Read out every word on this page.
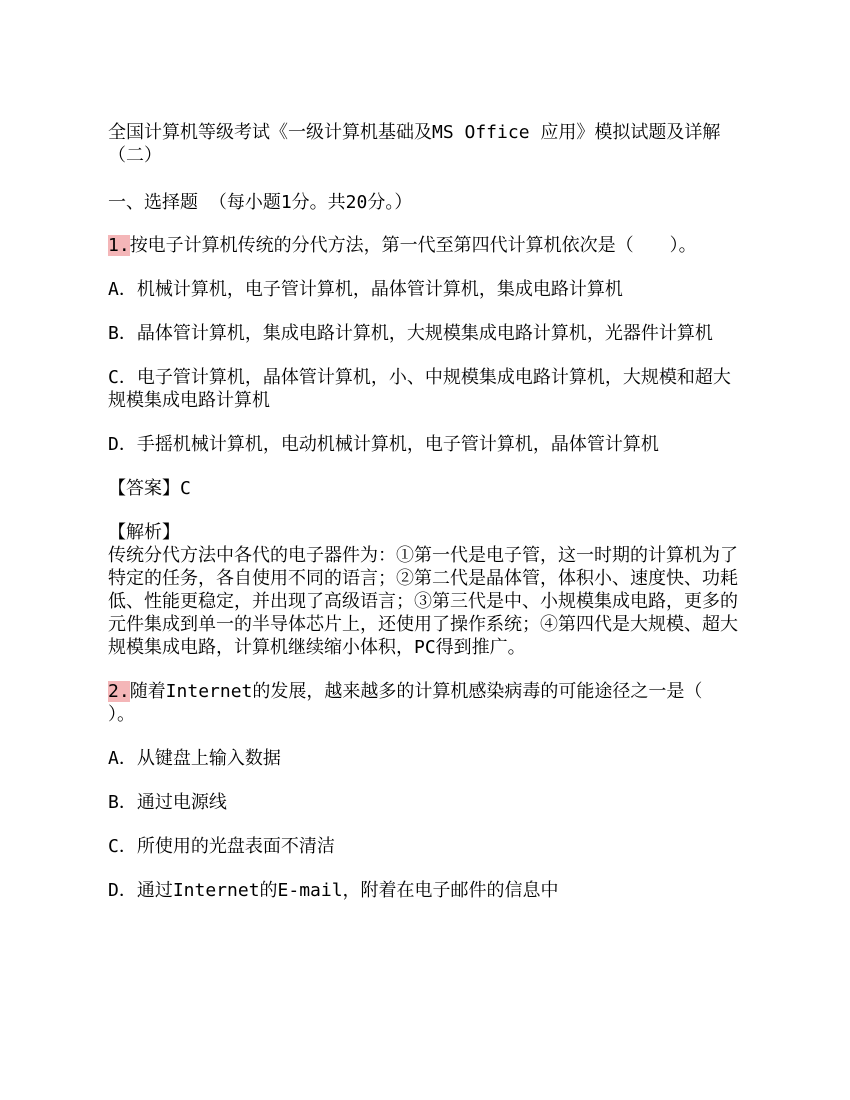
全国计算机等级考试《一级计算机基础及MS Office 应用》模拟试题及详解（二）

一、选择题 （每小题1分。共20分。）

1.按电子计算机传统的分代方法，第一代至第四代计算机依次是（　　）。

A．机械计算机，电子管计算机，晶体管计算机，集成电路计算机

B．晶体管计算机，集成电路计算机，大规模集成电路计算机，光器件计算机

C．电子管计算机，晶体管计算机，小、中规模集成电路计算机，大规模和超大规模集成电路计算机

D．手摇机械计算机，电动机械计算机，电子管计算机，晶体管计算机

【答案】C

【解析】
传统分代方法中各代的电子器件为：①第一代是电子管，这一时期的计算机为了特定的任务，各自使用不同的语言；②第二代是晶体管，体积小、速度快、功耗低、性能更稳定，并出现了高级语言；③第三代是中、小规模集成电路，更多的元件集成到单一的半导体芯片上，还使用了操作系统；④第四代是大规模、超大规模集成电路，计算机继续缩小体积，PC得到推广。

2.随着Internet的发展，越来越多的计算机感染病毒的可能途径之一是（　　）。

A．从键盘上输入数据

B．通过电源线

C．所使用的光盘表面不清洁

D．通过Internet的E-mail，附着在电子邮件的信息中
